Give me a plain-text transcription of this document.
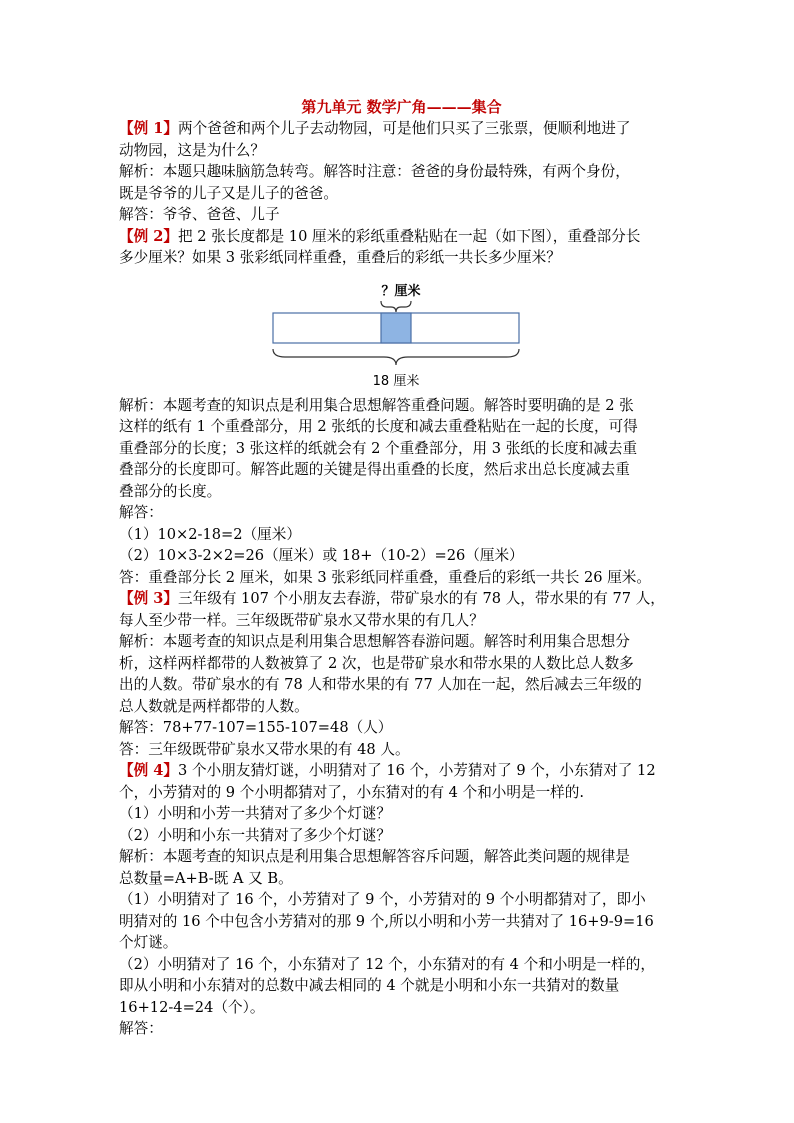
第九单元 数学广角———集合
【例 1】两个爸爸和两个儿子去动物园，可是他们只买了三张票，便顺利地进了
动物园，这是为什么？
解析：本题只趣味脑筋急转弯。解答时注意：爸爸的身份最特殊，有两个身份，
既是爷爷的儿子又是儿子的爸爸。
解答：爷爷、爸爸、儿子
【例 2】把 2 张长度都是 10 厘米的彩纸重叠粘贴在一起（如下图），重叠部分长
多少厘米？如果 3 张彩纸同样重叠，重叠后的彩纸一共长多少厘米？
？厘米
18 厘米
解析：本题考查的知识点是利用集合思想解答重叠问题。解答时要明确的是 2 张
这样的纸有 1 个重叠部分，用 2 张纸的长度和减去重叠粘贴在一起的长度，可得
重叠部分的长度；3 张这样的纸就会有 2 个重叠部分，用 3 张纸的长度和减去重
叠部分的长度即可。解答此题的关键是得出重叠的长度，然后求出总长度减去重
叠部分的长度。
解答：
（1）10×2-18=2（厘米）
（2）10×3-2×2=26（厘米）或 18+（10-2）=26（厘米）
答：重叠部分长 2 厘米，如果 3 张彩纸同样重叠，重叠后的彩纸一共长 26 厘米。
【例 3】三年级有 107 个小朋友去春游，带矿泉水的有 78 人，带水果的有 77 人，
每人至少带一样。三年级既带矿泉水又带水果的有几人？
解析：本题考查的知识点是利用集合思想解答春游问题。解答时利用集合思想分
析，这样两样都带的人数被算了 2 次，也是带矿泉水和带水果的人数比总人数多
出的人数。带矿泉水的有 78 人和带水果的有 77 人加在一起，然后减去三年级的
总人数就是两样都带的人数。
解答：78+77-107=155-107=48（人）
答：三年级既带矿泉水又带水果的有 48 人。
【例 4】3 个小朋友猜灯谜，小明猜对了 16 个，小芳猜对了 9 个，小东猜对了 12
个，小芳猜对的 9 个小明都猜对了，小东猜对的有 4 个和小明是一样的.
（1）小明和小芳一共猜对了多少个灯谜？
（2）小明和小东一共猜对了多少个灯谜？
解析：本题考查的知识点是利用集合思想解答容斥问题，解答此类问题的规律是
总数量=A+B-既 A 又 B。
（1）小明猜对了 16 个，小芳猜对了 9 个，小芳猜对的 9 个小明都猜对了，即小
明猜对的 16 个中包含小芳猜对的那 9 个,所以小明和小芳一共猜对了 16+9-9=16
个灯谜。
（2）小明猜对了 16 个，小东猜对了 12 个，小东猜对的有 4 个和小明是一样的，
即从小明和小东猜对的总数中减去相同的 4 个就是小明和小东一共猜对的数量
16+12-4=24（个）。
解答：
